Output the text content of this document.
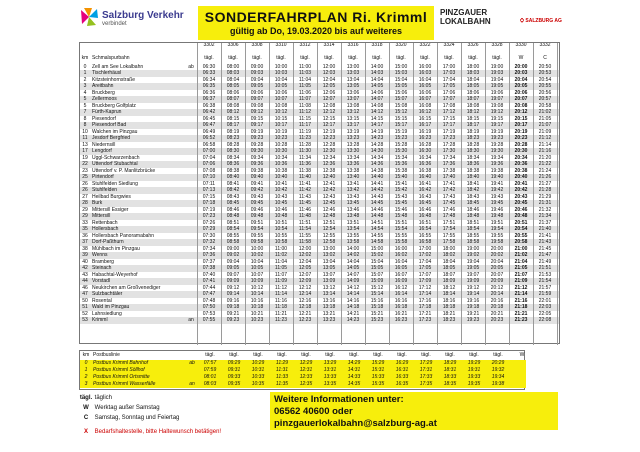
Salzburg Verkehr
verbindet	SONDERFAHRPLAN Ri. Krimml
gültig ab Do, 19.03.2020 bis auf weiteres
PINZGAUER
LOKALBAHN	⛭ SALZBURG AG
3302	3306	3308	3310	3312	3314	3316	3318	3320	3322	3324	3326	3328	3330	3332
km Schmalspurbahn	tägl.	tägl.	tägl.	tägl.	tägl.	tägl.	tägl.	tägl.	tägl.	tägl.	tägl.	tägl.	tägl.	W	C
0	Zell am See Lokalbahn	ab	06:30	08:00	09:00	10:00	11:00	12:00	13:00	14:00	15:00	16:00	17:00	18:00	19:00	20:00	20:50
1	Tischlerhäusl	06:33	08:03	09:03	10:03	11:03	12:03	13:03	14:03	15:03	16:03	17:03	18:03	19:03	20:03	20:53
2	Kitzsteinhornstraße	06:34	08:04	09:04	10:04	11:04	12:04	13:04	14:04	15:04	16:04	17:04	18:04	19:04	20:04	20:54
3	Areitbahn	06:35	08:05	09:05	10:05	11:05	12:05	13:05	14:05	15:05	16:05	17:05	18:05	19:05	20:05	20:55
4	Bruckberg	06:36	08:06	09:06	10:06	11:06	12:06	13:06	14:06	15:06	16:06	17:06	18:06	19:06	20:06	20:56
5	Zellermoos	06:37	08:07	09:07	10:07	11:07	12:07	13:07	14:07	15:07	16:07	17:07	18:07	19:07	20:07	20:57
5	Bruckberg Golfplatz	06:38	08:08	09:08	10:08	11:08	12:08	13:08	14:08	15:08	16:08	17:08	18:08	19:08	20:08	20:58
7	Fürth-Kaprun	06:42	08:12	09:12	10:12	11:12	12:12	13:12	14:12	15:12	16:12	17:12	18:12	19:12	20:12	21:02
8	Piesendorf	06:45	08:15	09:15	10:15	11:15	12:15	13:15	14:15	15:15	16:15	17:15	18:15	19:15	20:15	21:05
8	Piesendorf Bad	06:47	08:17	09:17	10:17	11:17	12:17	13:17	14:17	15:17	16:17	17:17	18:17	19:17	20:17	21:07
10 Walchen im Pinzgau	06:49	08:19	09:19	10:19	11:19	12:19	13:19	14:19	15:19	16:19	17:19	18:19	19:19	20:19	21:09
11 Jesdorf Bergfried	06:52	08:23	09:23	10:23	11:23	12:23	13:23	14:23	15:23	16:23	17:23	18:23	19:23	20:23	21:12
13 Niedernsill	06:58	08:28	09:28	10:28	11:28	12:28	13:28	14:28	15:28	16:28	17:28	18:28	19:28	20:28	21:14
17 Lengdorf	07:00	08:30	09:30	10:30	11:30	12:30	13:30	14:30	15:30	16:30	17:30	18:30	19:30	20:30	21:16
19 Uggl-Schwarzenbach	07:04	08:34	09:34	10:34	11:34	12:34	13:34	14:34	15:34	16:34	17:34	18:34	19:34	20:34	21:20
22 Uttendorf Stubachtal	07:06	08:36	09:36	10:36	11:36	12:36	13:36	14:36	15:36	16:36	17:36	18:36	19:36	20:36	21:22
23 Uttendorf v. P. Manlitzbrücke	07:08	08:38	09:38	10:38	11:38	12:38	13:38	14:38	15:38	16:38	17:38	18:38	19:38	20:38	21:24
25 Pirtendorf	07:10	08:40	09:40	10:40	11:40	12:40	13:40	14:40	15:40	16:40	17:40	18:40	19:40	20:40	21:26
26 Stuhlfelden Siedlung	07:11	08:41	09:41	10:41	11:41	12:41	13:41	14:41	15:41	16:41	17:41	18:41	19:41	20:41	21:27
26 Stuhlfelden	07:13	08:42	09:42	10:42	11:42	12:42	13:42	14:42	15:42	16:42	17:42	18:42	19:42	20:42	21:28
27 Heilbad Burgwies	07:15	08:43	09:43	10:43	11:43	12:43	13:43	14:43	15:43	16:43	17:43	18:43	19:43	20:43	21:29
28 Burk	07:18	08:45	09:45	10:45	11:45	12:45	13:45	14:45	15:45	16:45	17:45	18:45	19:45	20:45	21:31
29 Mittersill Essiger	07:19	08:46	09:46	10:46	11:46	12:46	13:46	14:46	15:46	16:46	17:46	18:46	19:46	20:46	21:32
29 Mittersill	07:23	08:48	09:48	10:48	11:48	12:48	13:48	14:48	15:48	16:48	17:48	18:48	19:48	20:48	21:34
33 Rettenbach	07:26	08:51	09:51	10:51	11:51	12:51	13:51	14:51	15:51	16:51	17:51	18:51	19:51	20:51	21:37
35 Hollersbach	07:29	08:54	09:54	10:54	11:54	12:54	13:54	14:54	15:54	16:54	17:54	18:54	19:54	20:54	21:40
36 Hollersbach Panoramabahn	07:30	08:55	09:55	10:55	11:55	12:55	13:55	14:55	15:55	16:55	17:55	18:55	19:55	20:55	21:41
37 Dorf-Paßthurn	07:32	08:58	09:58	10:58	11:58	12:58	13:58	14:58	15:58	16:58	17:58	18:58	19:58	20:58	21:43
38 Mühlbach im Pinzgau	07:34	09:00	10:00	11:00	12:00	13:00	14:00	15:00	16:00	17:00	18:00	19:00	20:00	21:00	21:45
39 Wenns	07:36	09:02	10:02	11:02	12:02	13:02	14:02	15:02	16:02	17:02	18:02	19:02	20:02	21:02	21:47
40 Bramberg	07:37	09:04	10:04	11:04	12:04	13:04	14:04	15:04	16:04	17:04	18:04	19:04	20:04	21:04	21:49
42 Steinach	07:38	09:05	10:05	11:05	12:05	13:05	14:05	15:05	16:05	17:05	18:05	19:05	20:05	21:05	21:51
43 Habachtal-Weyerhof	07:40	09:07	10:07	11:07	12:07	13:07	14:07	15:07	16:07	17:07	18:07	19:07	20:07	21:07	21:53
44 Vorstadl	07:41	09:09	10:09	11:09	12:09	13:09	14:09	15:09	16:09	17:09	18:09	19:09	20:09	21:09	21:54
46 Neukirchen am Großvenediger	07:44	09:12	10:12	11:12	12:12	13:12	14:12	15:12	16:12	17:12	18:12	19:12	20:12	21:12	21:57
47 Sulzbachtäler	07:47	09:14	10:14	11:14	12:14	13:14	14:14	15:14	16:14	17:14	18:14	19:14	20:14	21:14	21:59
50 Rosental	07:48	09:16	10:16	11:16	12:16	13:16	14:16	15:16	16:16	17:16	18:16	19:16	20:16	21:16	22:01
51 Wald im Pinzgau	07:50	09:18	10:18	11:18	12:18	13:18	14:18	15:18	16:18	17:18	18:18	19:18	20:18	21:18	22:03
52 Lahnsiedlung	07:53	09:21	10:21	11:21	12:21	13:21	14:21	15:21	16:21	17:21	18:21	19:21	20:21	21:21	22:05
53 Krimml	an	07:55	09:23	10:23	11:23	12:23	13:23	14:23	15:23	16:23	17:23	18:23	19:23	20:23	21:23	22:08
km Postbuslinie	tägl.	tägl.	tägl.	tägl.	tägl.	tägl.	tägl.	tägl.	tägl.	tägl.	tägl.	tägl.	tägl.	W
0	Postbus Krimml Bahnhof	ab	07:57	09:29	10:29	11:29	12:29	13:29	14:29	15:29	16:29	17:29	18:29	19:29	20:29
1	Postbus Krimml Söllhof	07:59	09:31	10:31	11:31	12:31	13:31	14:31	15:31	16:31	17:31	18:31	19:31	19:32
2	Postbus Krimml Ortsmitte	08:01	09:33	10:33	11:33	12:33	13:33	14:33	15:33	16:33	17:33	18:33	19:33	19:34
3	Postbus Krimml Wasserfälle	an	08:03	09:35	10:35	11:35	12:35	13:35	14:35	15:35	16:35	17:35	18:35	19:35	19:38
tägl. täglich
W Werktag außer Samstag
C Samstag, Sonntag und Feiertag
X Bedarfshaltestelle, bitte Haltewunsch betätigen!
Weitere Informationen unter:
06562 40600 oder
pinzgauerlokalbahn@salzburg-ag.at
